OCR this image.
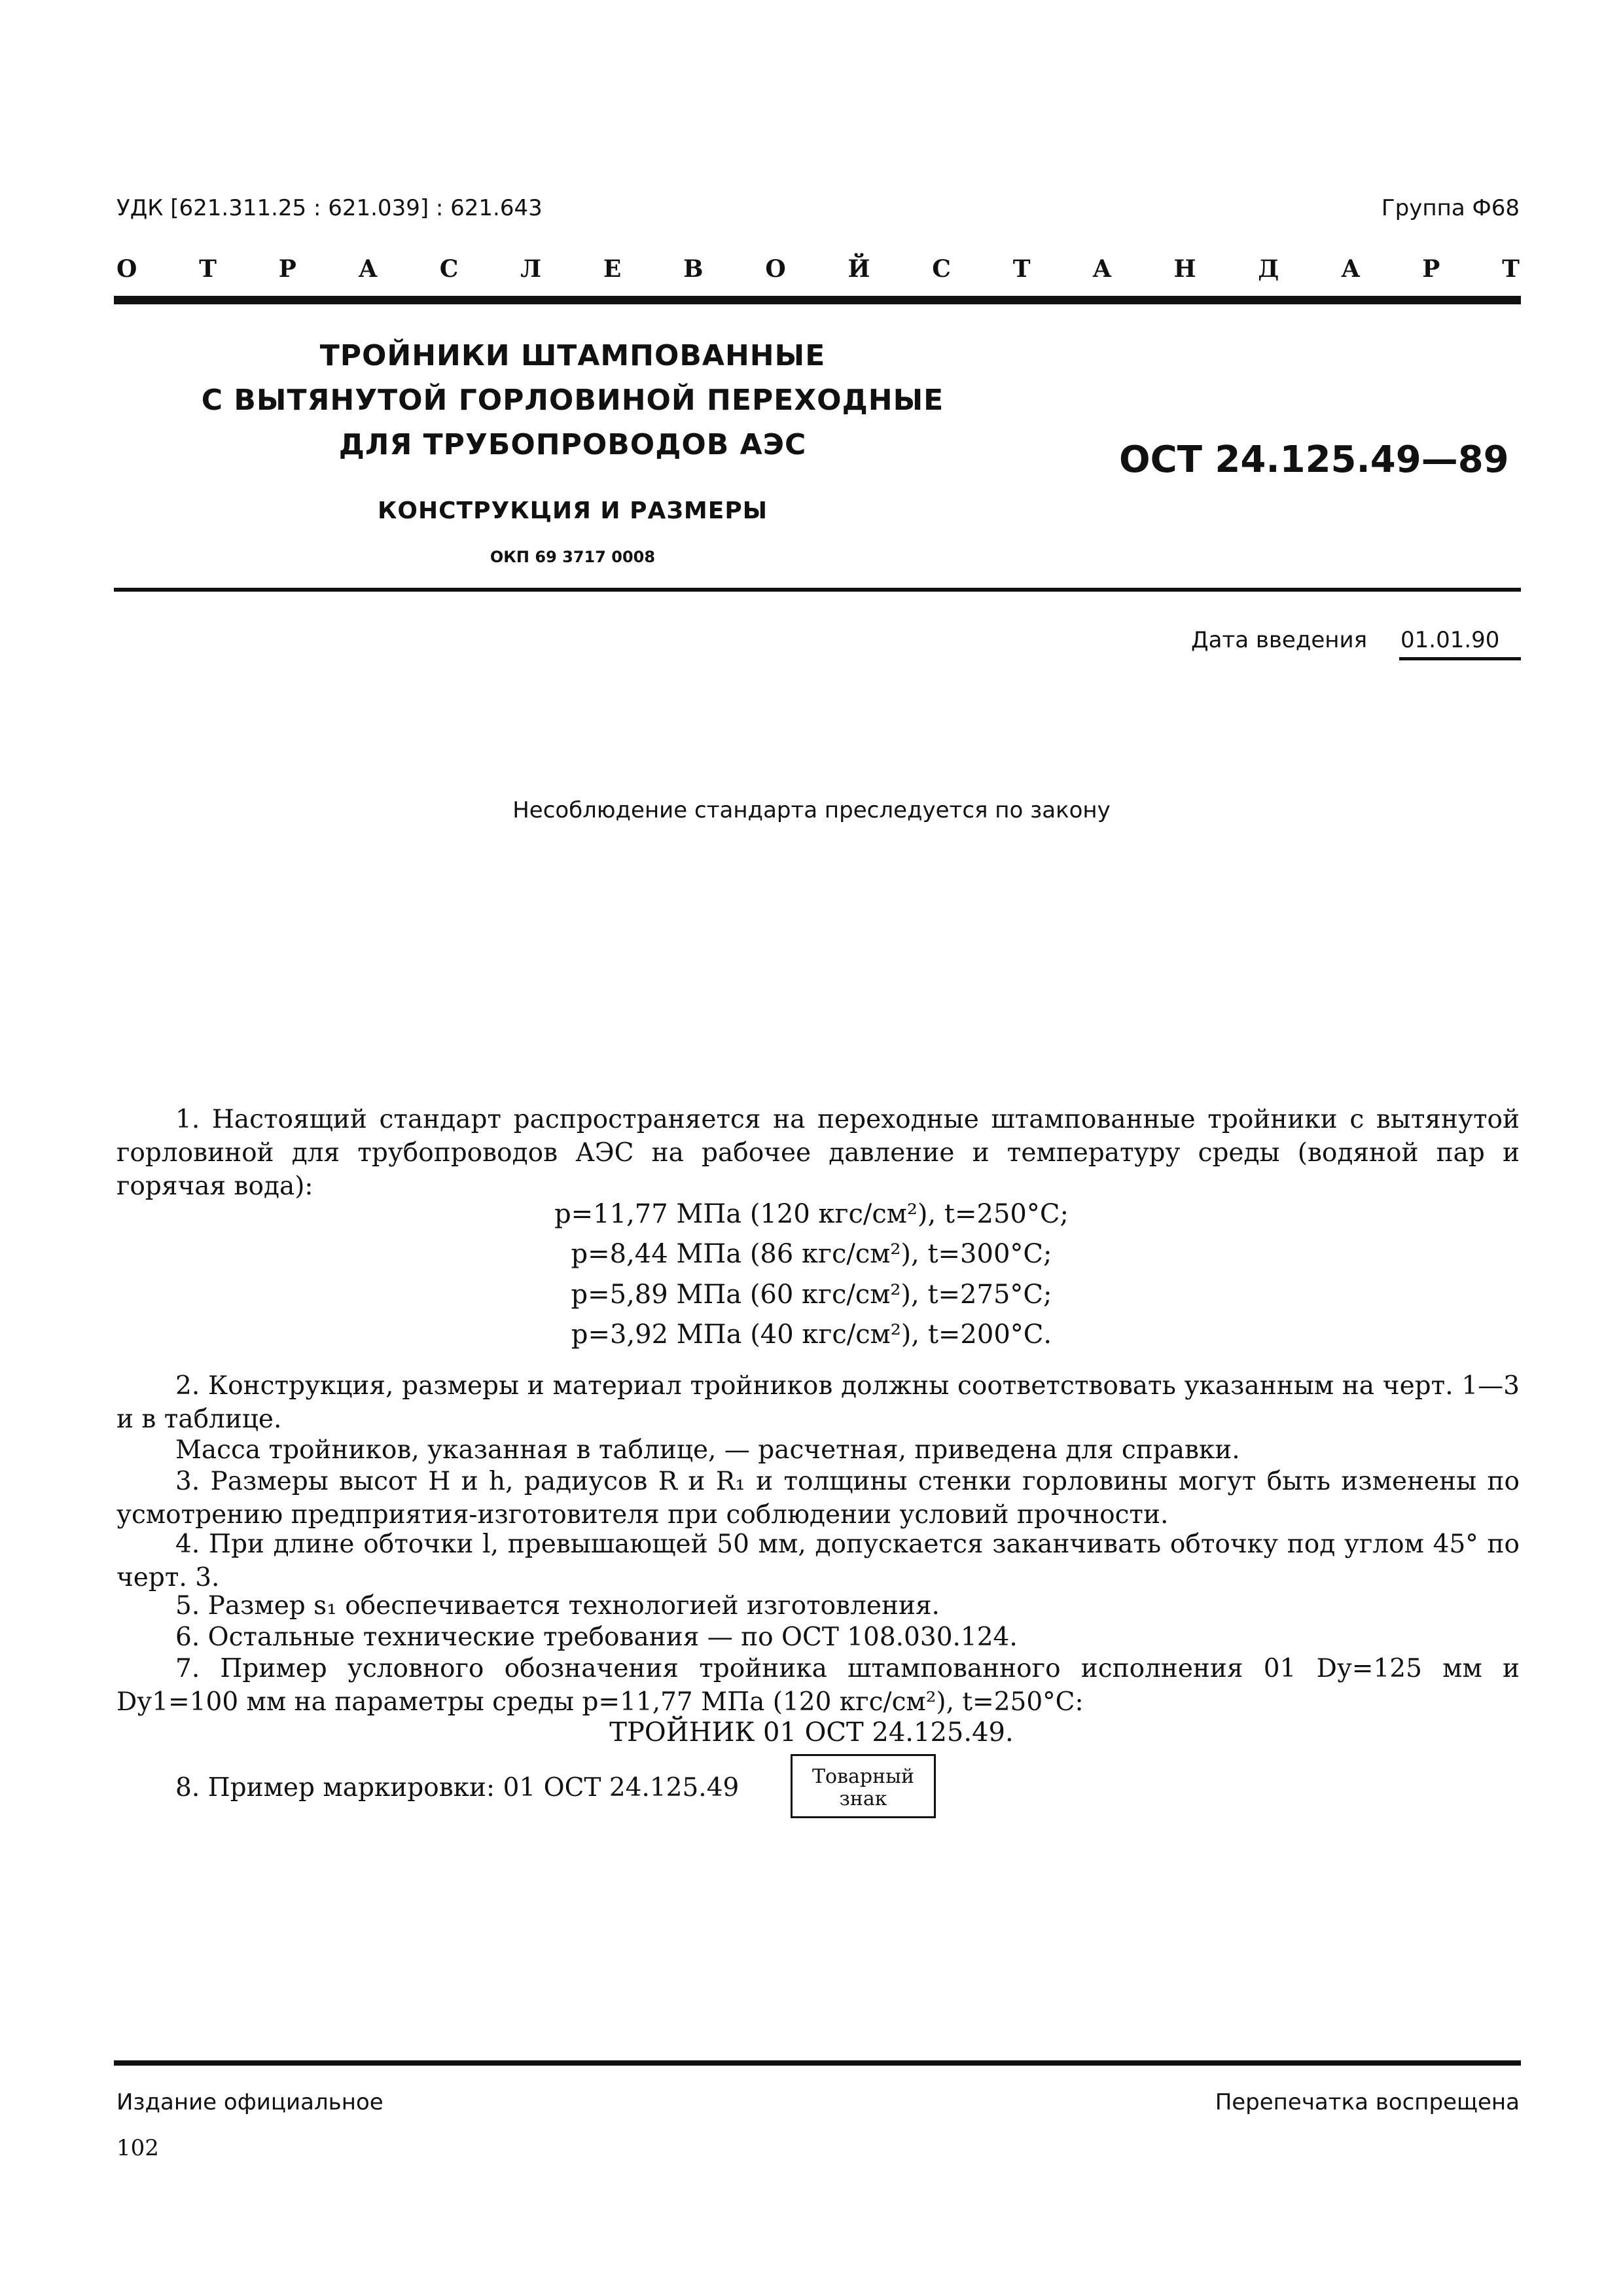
УДК [621.311.25 : 621.039] : 621.643	Группа Ф68
О	Т	Р	А	С	Л	Е	В	О	Й	С	Т	А	Н	Д	А	Р	Т
ТРОЙНИКИ ШТАМПОВАННЫЕ
С ВЫТЯНУТОЙ ГОРЛОВИНОЙ ПЕРЕХОДНЫЕ
ДЛЯ ТРУБОПРОВОДОВ АЭС
КОНСТРУКЦИЯ И РАЗМЕРЫ
ОКП 69 3717 0008
ОСТ 24.125.49—89
Дата введения 01.01.90
Несоблюдение стандарта преследуется по закону
1. Настоящий стандарт распространяется на переходные штампованные тройники с вытянутой горловиной для трубопроводов АЭС на рабочее давление и температуру среды (водяной пар и горячая вода):
p=11,77 МПа (120 кгс/см²), t=250°С;
p=8,44 МПа (86 кгс/см²), t=300°С;
p=5,89 МПа (60 кгс/см²), t=275°С;
p=3,92 МПа (40 кгс/см²), t=200°С.
2. Конструкция, размеры и материал тройников должны соответствовать указанным на черт. 1—3 и в таблице.
Масса тройников, указанная в таблице, — расчетная, приведена для справки.
3. Размеры высот H и h, радиусов R и R₁ и толщины стенки горловины могут быть изменены по усмотрению предприятия-изготовителя при соблюдении условий прочности.
4. При длине обточки l, превышающей 50 мм, допускается заканчивать обточку под углом 45° по черт. 3.
5. Размер s₁ обеспечивается технологией изготовления.
6. Остальные технические требования — по ОСТ 108.030.124.
7. Пример условного обозначения тройника штампованного исполнения 01 Dу=125 мм и Dу1=100 мм на параметры среды p=11,77 МПа (120 кгс/см²), t=250°С:
ТРОЙНИК 01 ОСТ 24.125.49.
8. Пример маркировки: 01 ОСТ 24.125.49	Товарный
знак
Издание официальное	Перепечатка воспрещена
102
